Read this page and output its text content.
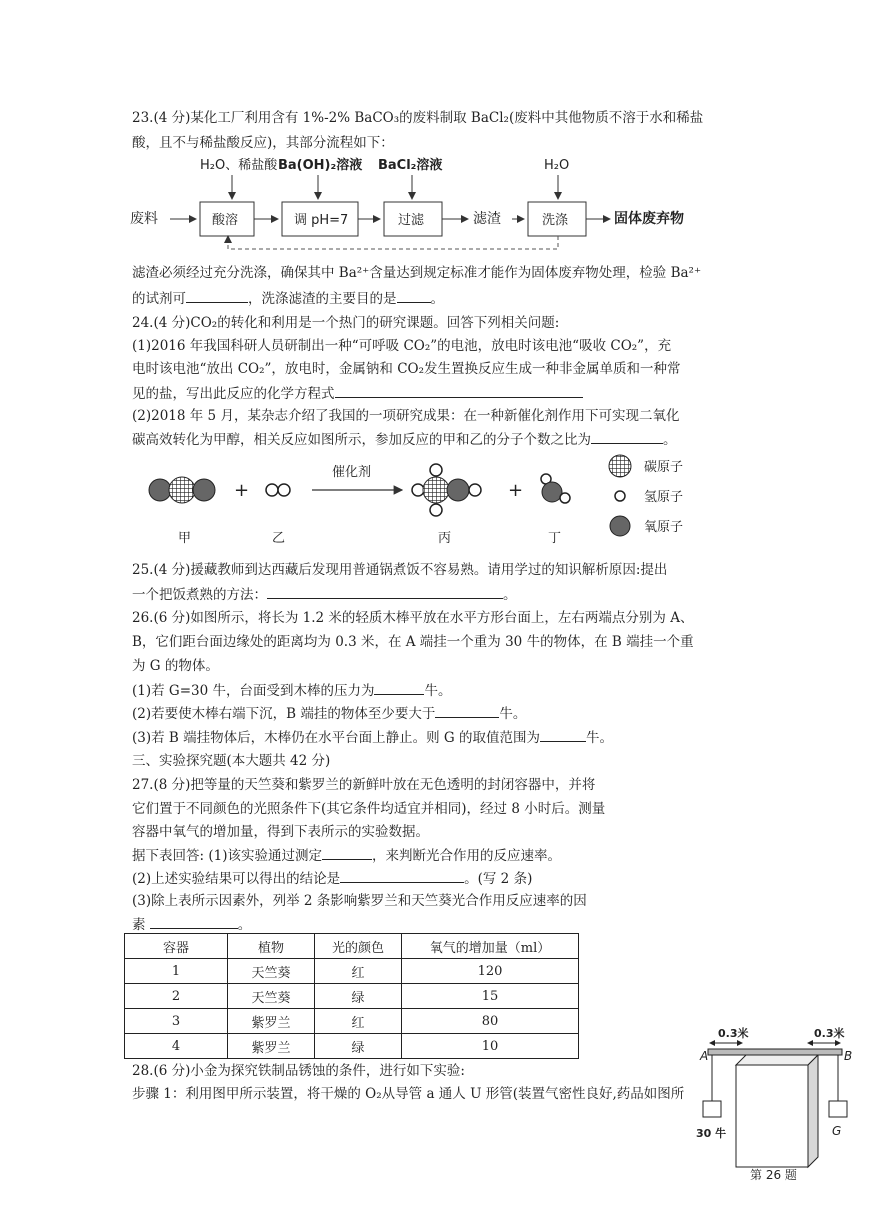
23.(4 分)某化工厂利用含有 1%-2% BaCO₃的废料制取 BaCl₂(废料中其他物质不溶于水和稀盐
酸，且不与稀盐酸反应)，其部分流程如下：
H₂O、稀盐酸 Ba(OH)₂溶液 BaCl₂溶液	H₂O
废料	酸溶	调 pH=7	过滤	滤渣	洗涤	固体废弃物
滤渣必须经过充分洗涤，确保其中 Ba²⁺含量达到规定标准才能作为固体废弃物处理，检验 Ba²⁺
的试剂可	，洗涤滤渣的主要目的是	。
24.(4 分)CO₂的转化和利用是一个热门的研究课题。回答下列相关问题:
(1)2016 年我国科研人员研制出一种“可呼吸 CO₂”的电池，放电时该电池“吸收 CO₂”，充
电时该电池“放出 CO₂”，放电时，金属钠和 CO₂发生置换反应生成一种非金属单质和一种常
见的盐，写出此反应的化学方程式
(2)2018 年 5 月，某杂志介绍了我国的一项研究成果：在一种新催化剂作用下可实现二氧化
碳高效转化为甲醇，相关反应如图所示，参加反应的甲和乙的分子个数之比为	。
+
催化剂
+
甲	乙	丙	丁
碳原子
氢原子
氧原子
25.(4 分)援藏教师到达西藏后发现用普通锅煮饭不容易熟。请用学过的知识解析原因:提出
一个把饭煮熟的方法：	。
26.(6 分)如图所示，将长为 1.2 米的轻质木棒平放在水平方形台面上，左右两端点分别为 A、
B，它们距台面边缘处的距离均为 0.3 米，在 A 端挂一个重为 30 牛的物体，在 B 端挂一个重
为 G 的物体。
(1)若 G=30 牛，台面受到木棒的压力为	牛。
(2)若要使木棒右端下沉，B 端挂的物体至少要大于	牛。
(3)若 B 端挂物体后，木棒仍在水平台面上静止。则 G 的取值范围为	牛。
三、实验探究题(本大题共 42 分)
27.(8 分)把等量的天竺葵和紫罗兰的新鲜叶放在无色透明的封闭容器中，并将
它们置于不同颜色的光照条件下(其它条件均适宜并相同)，经过 8 小时后。测量
容器中氧气的增加量，得到下表所示的实验数据。
据下表回答: (1)该实验通过测定	，来判断光合作用的反应速率。
(2)上述实验结果可以得出的结论是	。(写 2 条)
(3)除上表所示因素外，列举 2 条影响紫罗兰和天竺葵光合作用反应速率的因
素	。
容器	植物	光的颜色	氧气的增加量（ml）
1	天竺葵	红	120
2	天竺葵	绿	15
3	紫罗兰	红	80
4	紫罗兰	绿	10
28.(6 分)小金为探究铁制品锈蚀的条件，进行如下实验:
步骤 1：利用图甲所示装置，将干燥的 O₂从导管 a 通人 U 形管(装置气密性良好,药品如图所
0.3米	0.3米
A	B
30 牛	G
第 26 题
